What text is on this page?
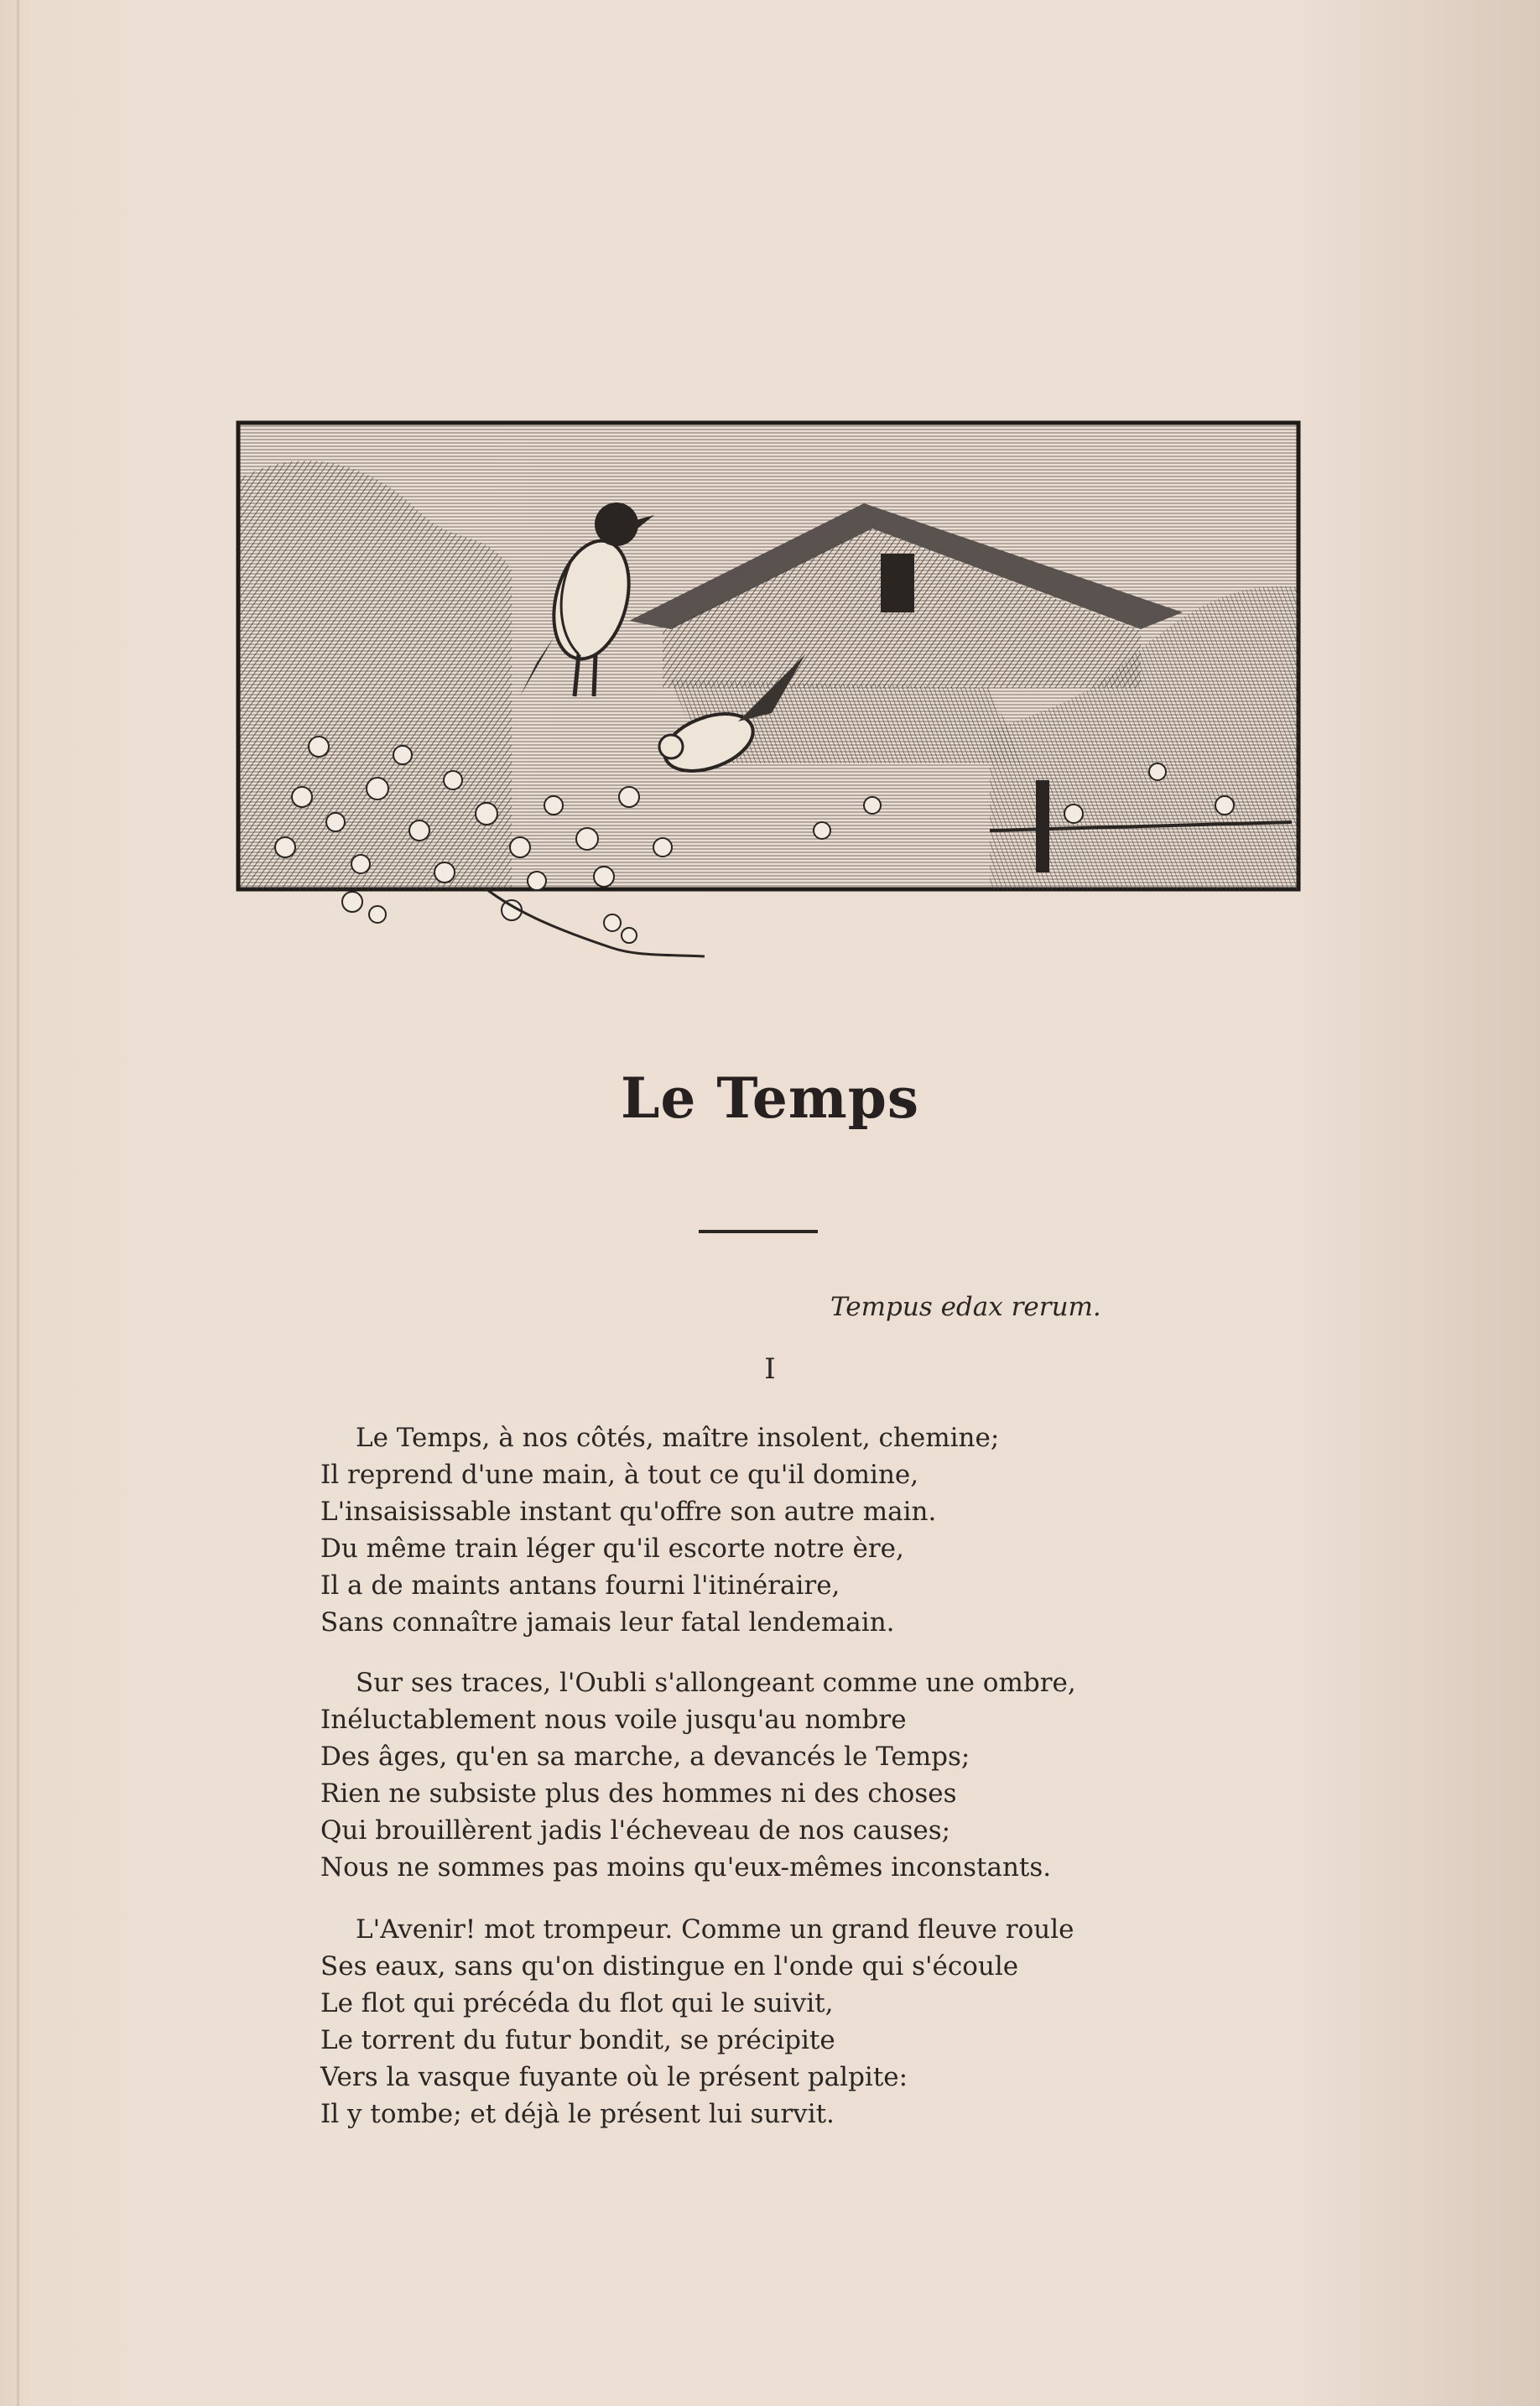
Le Temps
Tempus edax rerum.
I
Le Temps, à nos côtés, maître insolent, chemine;
Il reprend d'une main, à tout ce qu'il domine,
L'insaisissable instant qu'offre son autre main.
Du même train léger qu'il escorte notre ère,
Il a de maints antans fourni l'itinéraire,
Sans connaître jamais leur fatal lendemain.
Sur ses traces, l'Oubli s'allongeant comme une ombre,
Inéluctablement nous voile jusqu'au nombre
Des âges, qu'en sa marche, a devancés le Temps;
Rien ne subsiste plus des hommes ni des choses
Qui brouillèrent jadis l'écheveau de nos causes;
Nous ne sommes pas moins qu'eux-mêmes inconstants.
L'Avenir! mot trompeur. Comme un grand fleuve roule
Ses eaux, sans qu'on distingue en l'onde qui s'écoule
Le flot qui précéda du flot qui le suivit,
Le torrent du futur bondit, se précipite
Vers la vasque fuyante où le présent palpite:
Il y tombe; et déjà le présent lui survit.
